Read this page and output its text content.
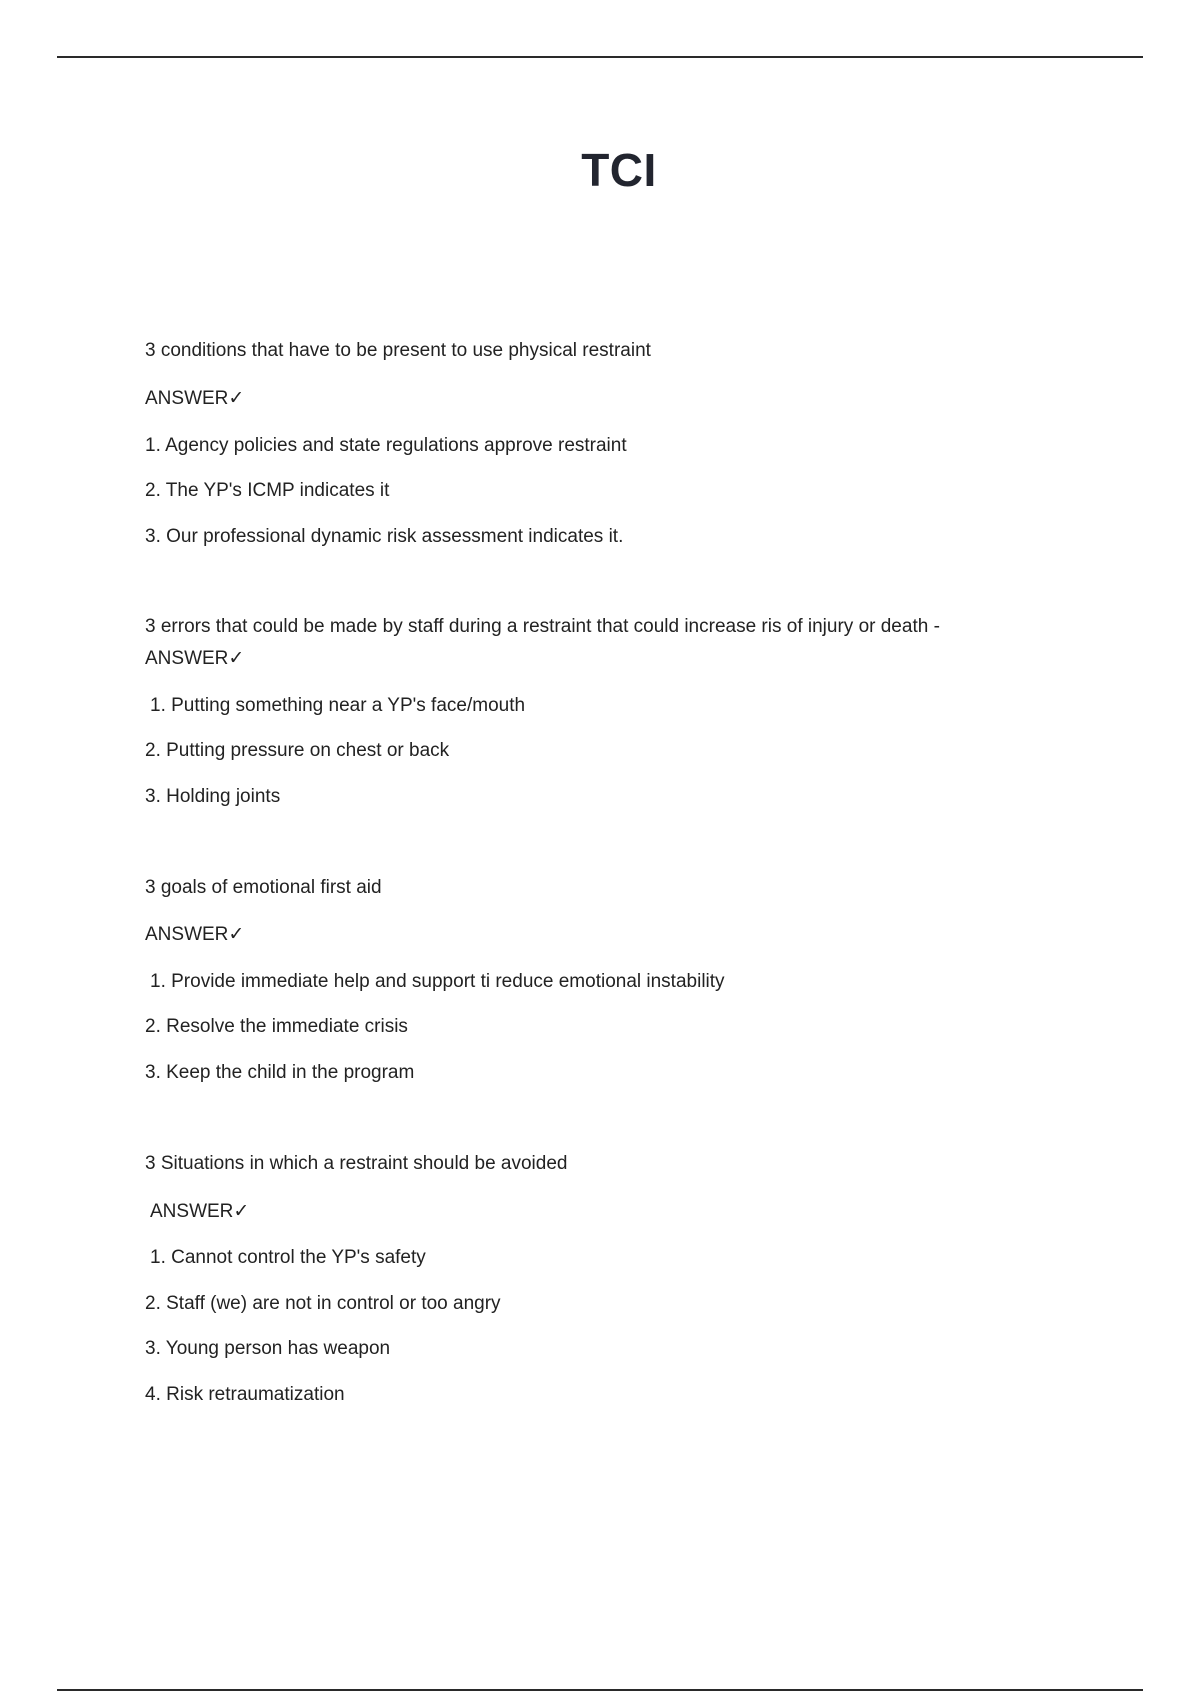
TCI
3 conditions that have to be present to use physical restraint
ANSWER✓
1. Agency policies and state regulations approve restraint
2. The YP's ICMP indicates it
3. Our professional dynamic risk assessment indicates it.
3 errors that could be made by staff during a restraint that could increase ris of injury or death -
ANSWER✓
1. Putting something near a YP's face/mouth
2. Putting pressure on chest or back
3. Holding joints
3 goals of emotional first aid
ANSWER✓
1. Provide immediate help and support ti reduce emotional instability
2. Resolve the immediate crisis
3. Keep the child in the program
3 Situations in which a restraint should be avoided
ANSWER✓
1. Cannot control the YP's safety
2. Staff (we) are not in control or too angry
3. Young person has weapon
4. Risk retraumatization
